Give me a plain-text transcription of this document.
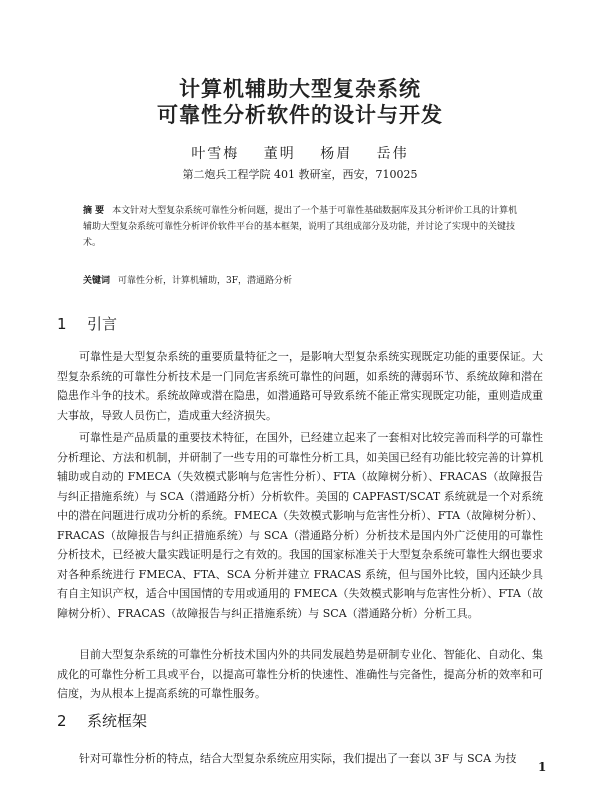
计算机辅助大型复杂系统
可靠性分析软件的设计与开发
叶雪梅 董明 杨眉 岳伟
第二炮兵工程学院 401 教研室，西安，710025
摘 要 本文针对大型复杂系统可靠性分析问题，提出了一个基于可靠性基础数据库及其分析评价工具的计算机辅助大型复杂系统可靠性分析评价软件平台的基本框架，说明了其组成部分及功能，并讨论了实现中的关键技术。
关键词 可靠性分析，计算机辅助，3F，潜通路分析
1 引言
可靠性是大型复杂系统的重要质量特征之一，是影响大型复杂系统实现既定功能的重要保证。大型复杂系统的可靠性分析技术是一门同危害系统可靠性的问题，如系统的薄弱环节、系统故障和潜在隐患作斗争的技术。系统故障或潜在隐患，如潜通路可导致系统不能正常实现既定功能，重则造成重大事故，导致人员伤亡，造成重大经济损失。
可靠性是产品质量的重要技术特征，在国外，已经建立起来了一套相对比较完善而科学的可靠性分析理论、方法和机制，并研制了一些专用的可靠性分析工具，如美国已经有功能比较完善的计算机辅助或自动的 FMECA（失效模式影响与危害性分析）、FTA（故障树分析）、FRACAS（故障报告与纠正措施系统）与 SCA（潜通路分析）分析软件。美国的 CAPFAST/SCAT 系统就是一个对系统中的潜在问题进行成功分析的系统。FMECA（失效模式影响与危害性分析）、FTA（故障树分析）、FRACAS（故障报告与纠正措施系统）与 SCA（潜通路分析）分析技术是国内外广泛使用的可靠性分析技术，已经被大量实践证明是行之有效的。我国的国家标准关于大型复杂系统可靠性大纲也要求对各种系统进行 FMECA、FTA、SCA 分析并建立 FRACAS 系统，但与国外比较，国内还缺少具有自主知识产权，适合中国国情的专用或通用的 FMECA（失效模式影响与危害性分析）、FTA（故障树分析）、FRACAS（故障报告与纠正措施系统）与 SCA（潜通路分析）分析工具。
目前大型复杂系统的可靠性分析技术国内外的共同发展趋势是研制专业化、智能化、自动化、集成化的可靠性分析工具或平台，以提高可靠性分析的快速性、准确性与完备性，提高分析的效率和可信度，为从根本上提高系统的可靠性服务。
2 系统框架
针对可靠性分析的特点，结合大型复杂系统应用实际，我们提出了一套以 3F 与 SCA 为技
1
